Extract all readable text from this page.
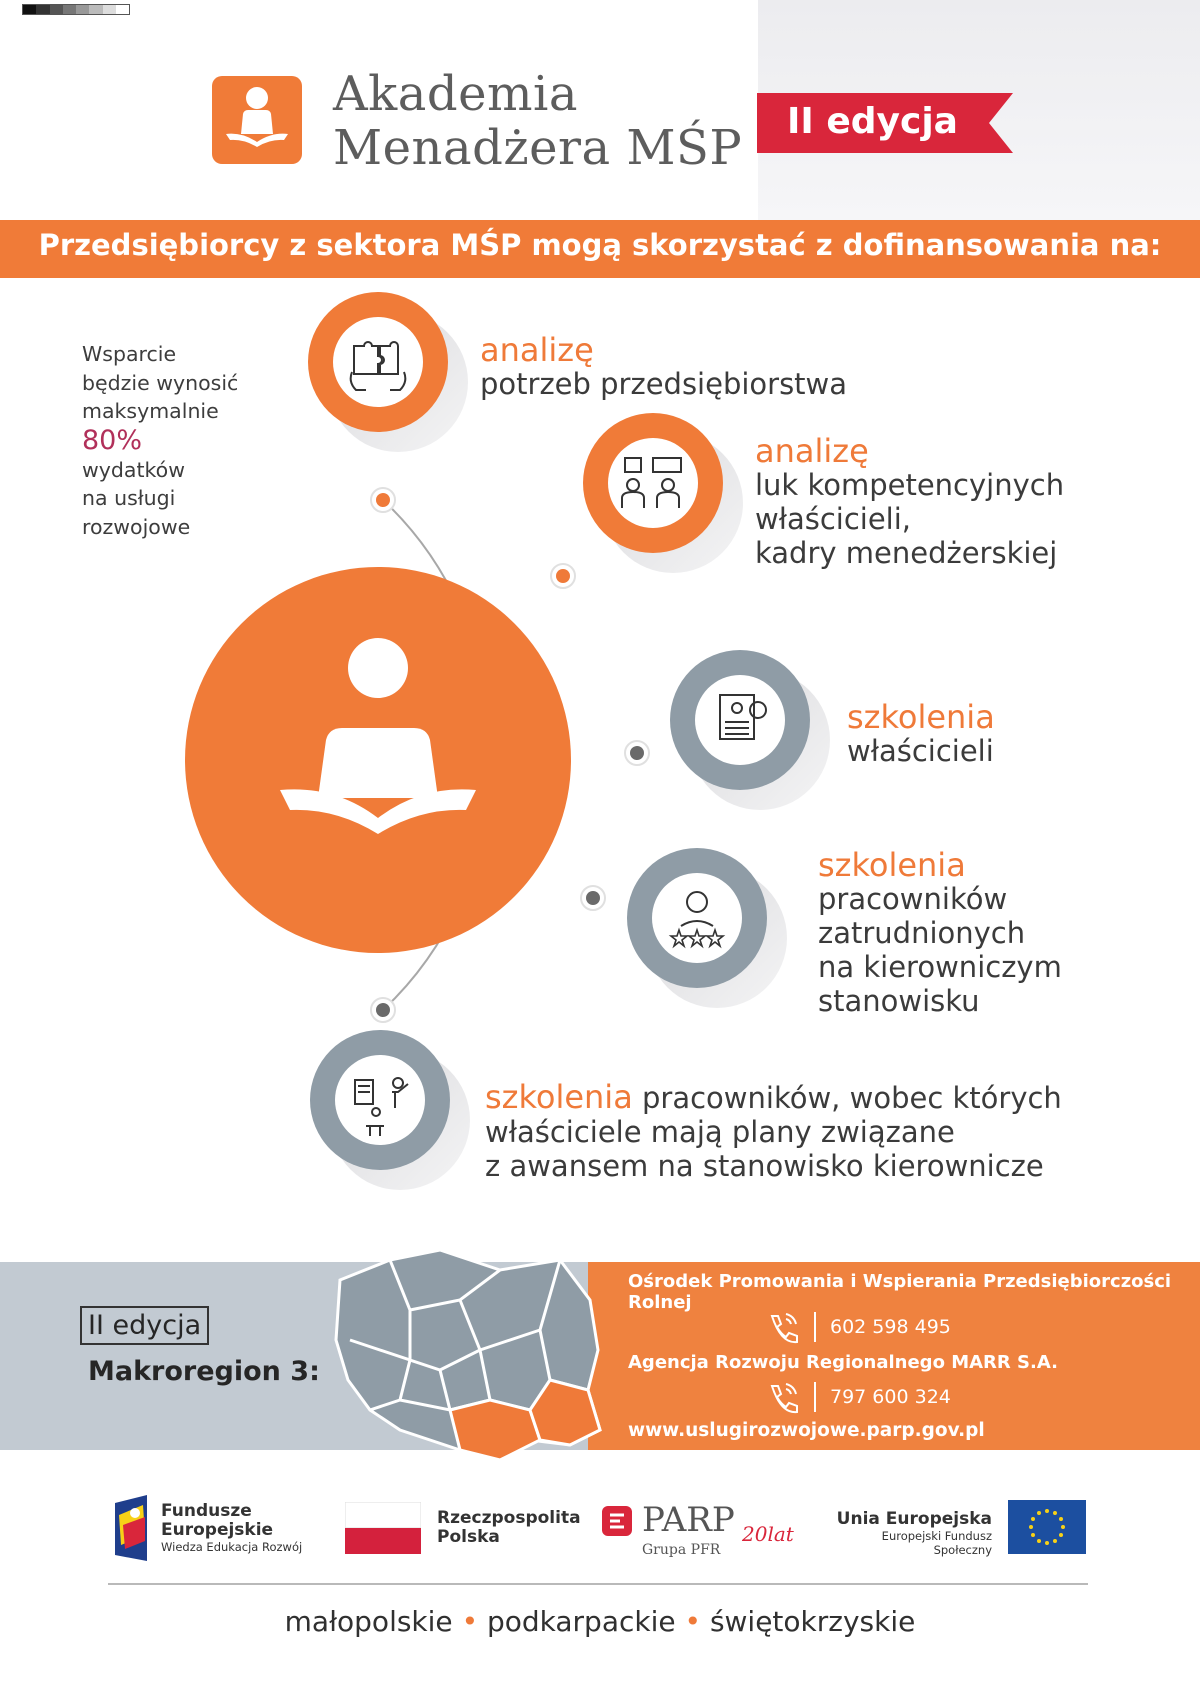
Akademia
Menadżera MŚP II edycja
Przedsiębiorcy z sektora MŚP mogą skorzystać z dofinansowania na:
Wsparcie
będzie wynosić
maksymalnie
80%
wydatków
na usługi
rozwojowe
analizę
potrzeb przedsiębiorstwa
analizę
luk kompetencyjnych
właścicieli,
kadry menedżerskiej
szkolenia
właścicieli
szkolenia
pracowników
zatrudnionych
na kierowniczym
stanowisku
szkolenia pracowników, wobec których
właściciele mają plany związane
z awansem na stanowisko kierownicze
II edycja
Makroregion 3:
Ośrodek Promowania i Wspierania Przedsiębiorczości
Rolnej
602 598 495
Agencja Rozwoju Regionalnego MARR S.A.
797 600 324
www.uslugirozwojowe.parp.gov.pl
Fundusze
Europejskie
Wiedza Edukacja Rozwój
Rzeczpospolita
Polska	PARP
Grupa PFR
20lat
Unia Europejska
Europejski Fundusz Społeczny
małopolskie • podkarpackie • świętokrzyskie
